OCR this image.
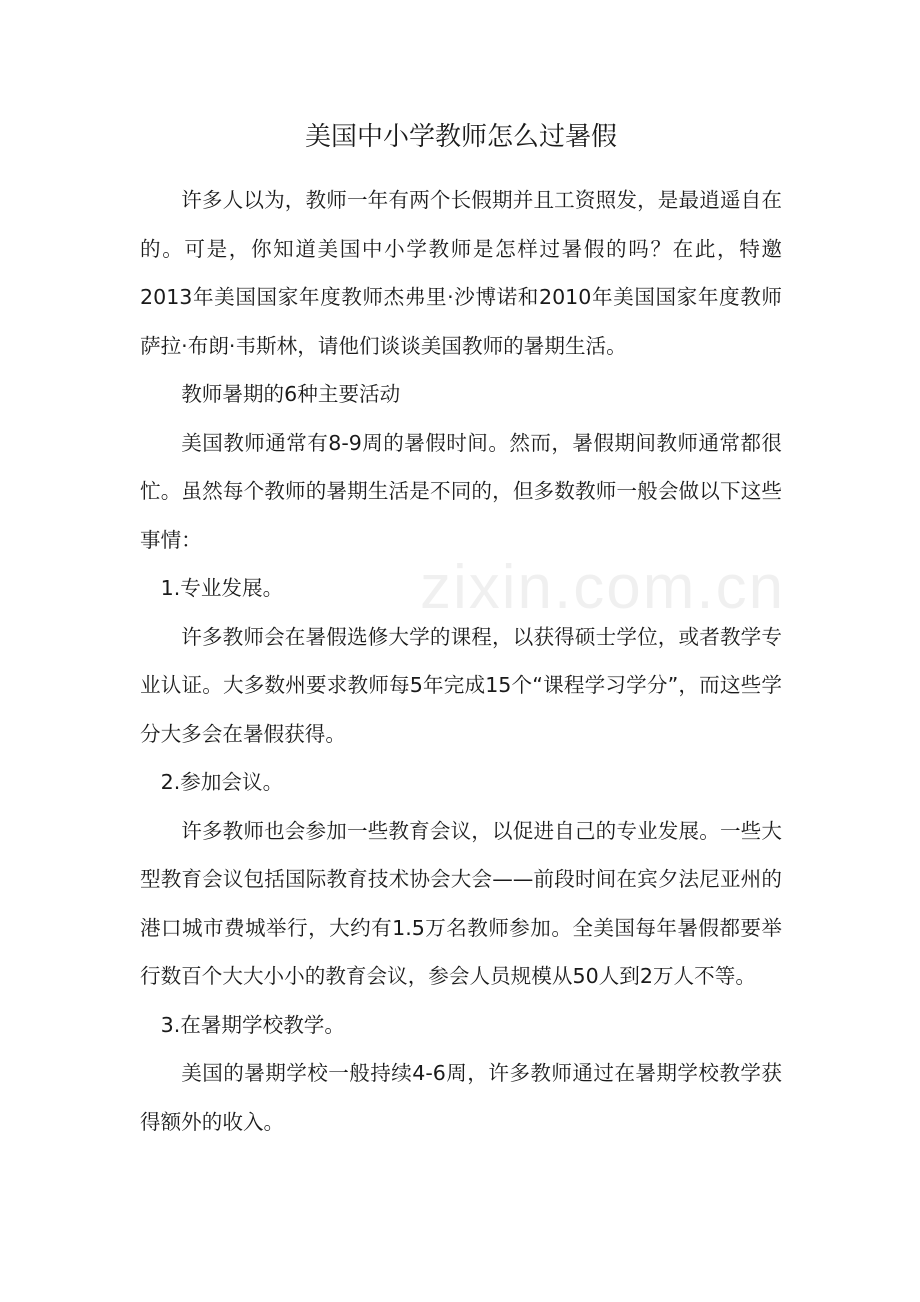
美国中小学教师怎么过暑假

许多人以为，教师一年有两个长假期并且工资照发，是最逍遥自在的。可是，你知道美国中小学教师是怎样过暑假的吗？在此，特邀2013年美国国家年度教师杰弗里·沙博诺和2010年美国国家年度教师萨拉·布朗·韦斯林，请他们谈谈美国教师的暑期生活。

教师暑期的6种主要活动

美国教师通常有8-9周的暑假时间。然而，暑假期间教师通常都很忙。虽然每个教师的暑期生活是不同的，但多数教师一般会做以下这些事情：

1.专业发展。

许多教师会在暑假选修大学的课程，以获得硕士学位，或者教学专业认证。大多数州要求教师每5年完成15个“课程学习学分”，而这些学分大多会在暑假获得。

2.参加会议。

许多教师也会参加一些教育会议，以促进自己的专业发展。一些大型教育会议包括国际教育技术协会大会——前段时间在宾夕法尼亚州的港口城市费城举行，大约有1.5万名教师参加。全美国每年暑假都要举行数百个大大小小的教育会议，参会人员规模从50人到2万人不等。

3.在暑期学校教学。

美国的暑期学校一般持续4-6周，许多教师通过在暑期学校教学获得额外的收入。

zixin.com.cn
